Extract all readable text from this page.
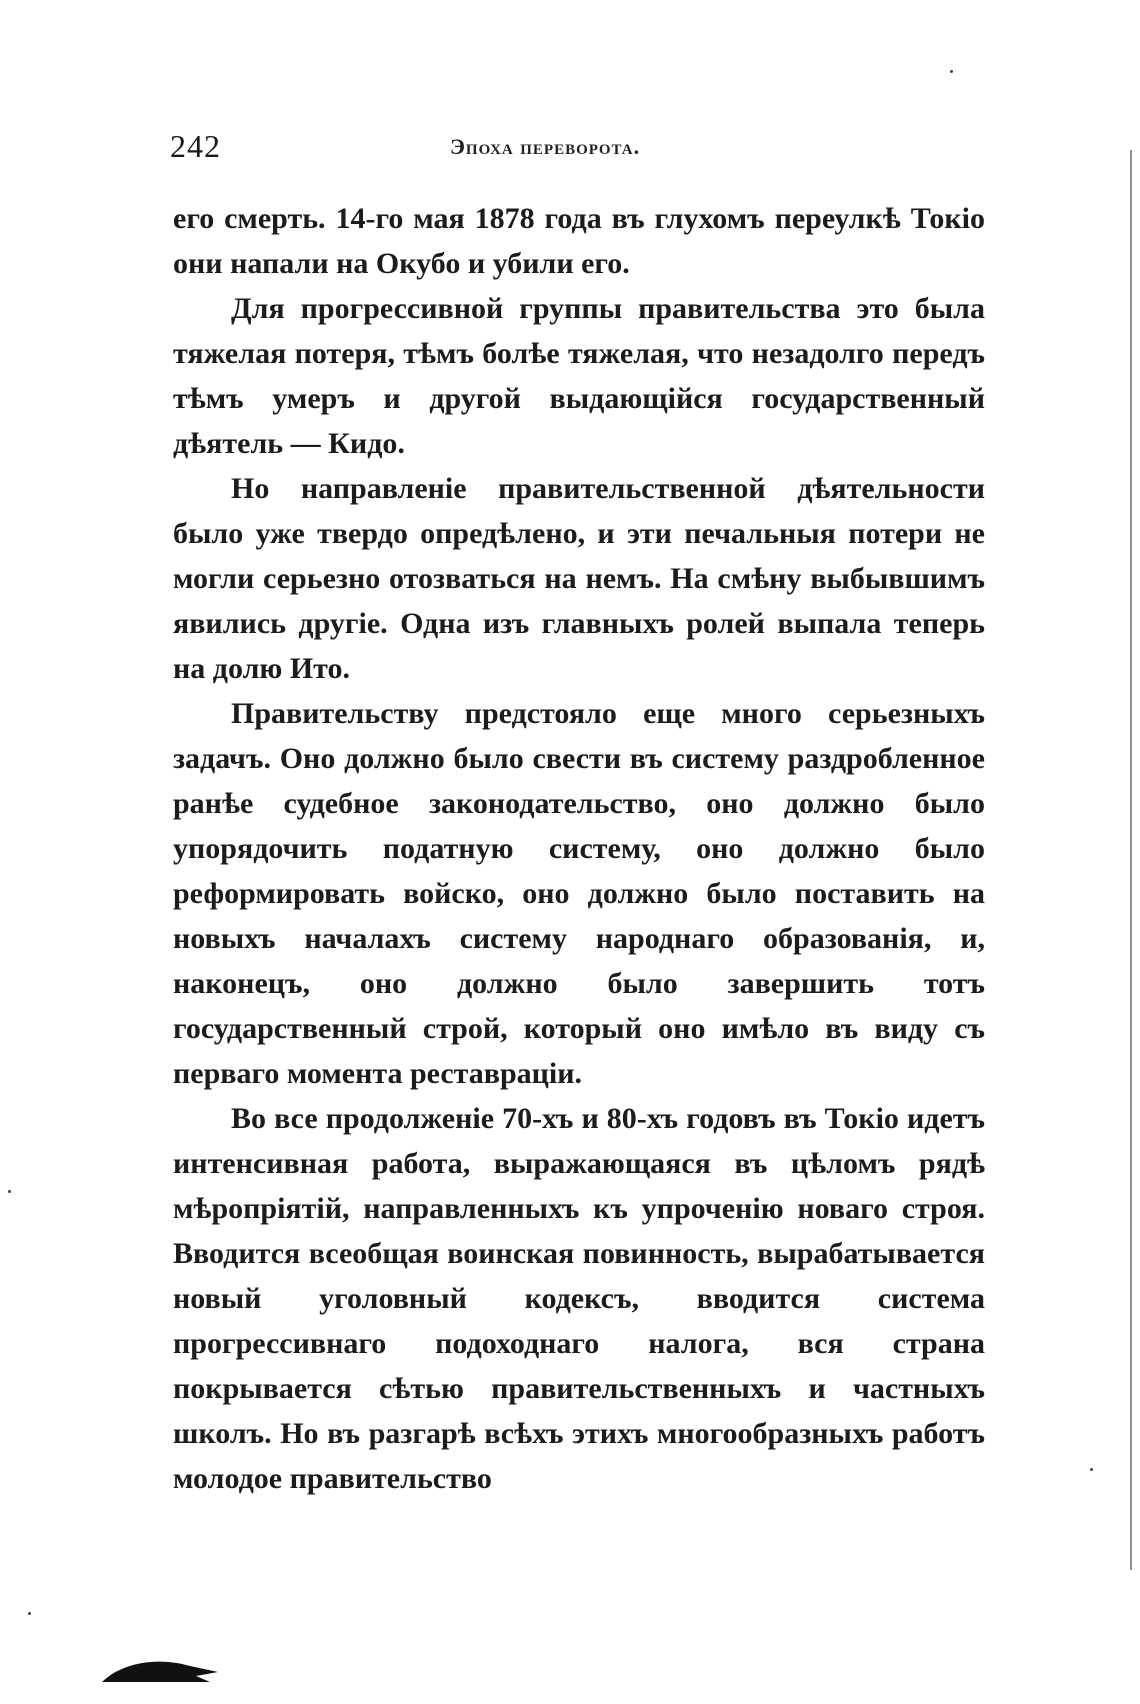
242	Эпоха переворота.

его смерть. 14-го мая 1878 года въ глухомъ переулкѣ Токіо они напали на Окубо и убили его.

Для прогрессивной группы правительства это была тяжелая потеря, тѣмъ болѣе тяжелая, что незадолго передъ тѣмъ умеръ и другой выдающійся государственный дѣятель — Кидо.

Но направленіе правительственной дѣятельности было уже твердо опредѣлено, и эти печальныя потери не могли серьезно отозваться на немъ. На смѣну выбывшимъ явились другіе. Одна изъ главныхъ ролей выпала теперь на долю Ито.

Правительству предстояло еще много серьезныхъ задачъ. Оно должно было свести въ систему раздробленное ранѣе судебное законодательство, оно должно было упорядочить податную систему, оно должно было реформировать войско, оно должно было поставить на новыхъ началахъ систему народнаго образованія, и, наконецъ, оно должно было завершить тотъ государственный строй, который оно имѣло въ виду съ перваго момента реставраціи.

Во все продолженіе 70-хъ и 80-хъ годовъ въ Токіо идетъ интенсивная работа, выражающаяся въ цѣломъ рядѣ мѣропріятій, направленныхъ къ упроченію новаго строя. Вводится всеобщая воинская повинность, вырабатывается новый уголовный кодексъ, вводится система прогрессивнаго подоходнаго налога, вся страна покрывается сѣтью правительственныхъ и частныхъ школъ. Но въ разгарѣ всѣхъ этихъ многообразныхъ работъ молодое правительство
